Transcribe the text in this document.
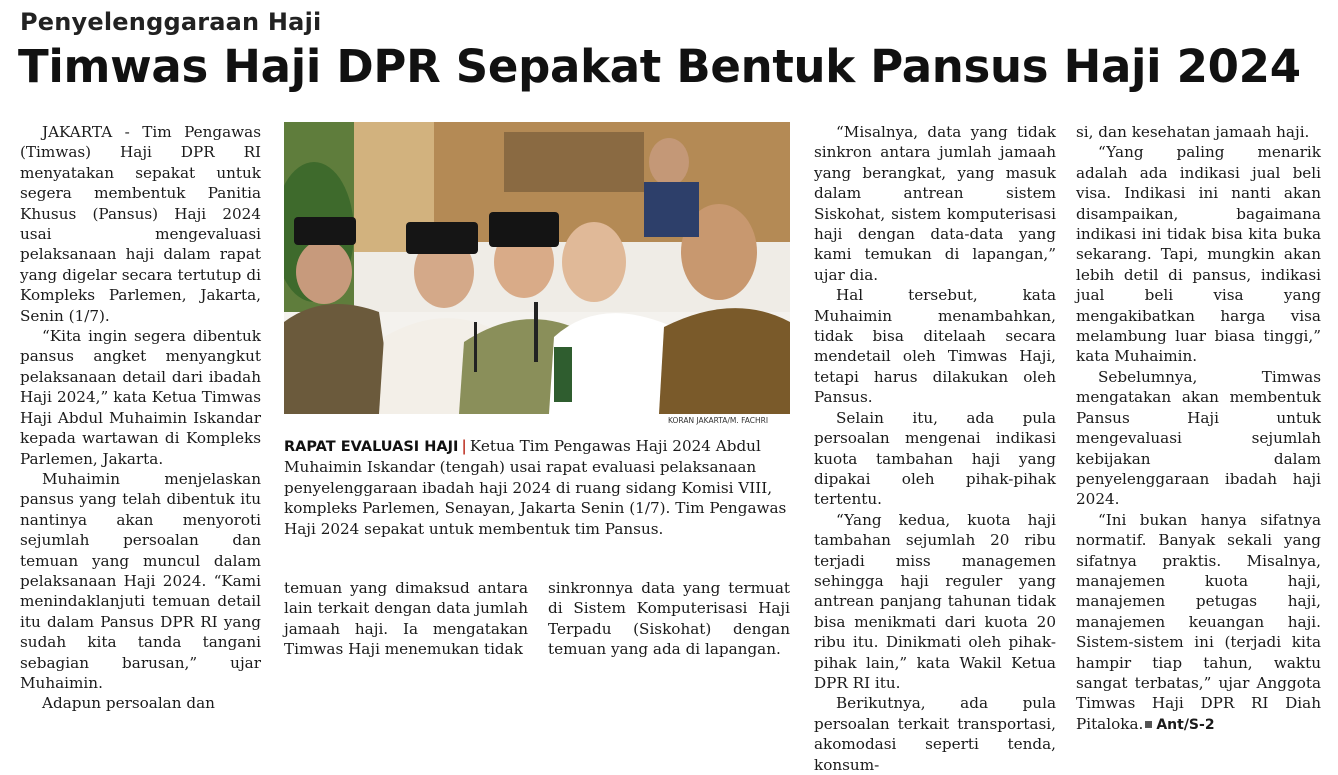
Penyelenggaraan Haji
Timwas Haji DPR Sepakat Bentuk Pansus Haji 2024

JAKARTA - Tim Pengawas (Timwas) Haji DPR RI menyatakan sepakat untuk segera membentuk Panitia Khusus (Pansus) Haji 2024 usai mengevaluasi pelaksanaan haji dalam rapat yang digelar secara tertutup di Kompleks Parlemen, Jakarta, Senin (1/7).

“Kita ingin segera dibentuk pansus angket menyangkut pelaksanaan detail dari ibadah Haji 2024,” kata Ketua Timwas Haji Abdul Muhaimin Iskandar kepada wartawan di Kompleks Parlemen, Jakarta.

Muhaimin menjelaskan pansus yang telah dibentuk itu nantinya akan menyoroti sejumlah persoalan dan temuan yang muncul dalam pelaksanaan Haji 2024. “Kami menindaklanjuti temuan detail itu dalam Pansus DPR RI yang sudah kita tanda tangani sebagian barusan,” ujar Muhaimin.

Adapun persoalan dan

KORAN JAKARTA/M. FACHRI
RAPAT EVALUASI HAJI | Ketua Tim Pengawas Haji 2024 Abdul Muhaimin Iskandar (tengah) usai rapat evaluasi pelaksanaan penyelenggaraan ibadah haji 2024 di ruang sidang Komisi VIII, kompleks Parlemen, Senayan, Jakarta Senin (1/7). Tim Pengawas Haji 2024 sepakat untuk membentuk tim Pansus.

temuan yang dimaksud antara lain terkait dengan data jumlah jamaah haji. Ia mengatakan Timwas Haji menemukan tidak

sinkronnya data yang termuat di Sistem Komputerisasi Haji Terpadu (Siskohat) dengan temuan yang ada di lapangan.

“Misalnya, data yang tidak sinkron antara jumlah jamaah yang berangkat, yang masuk dalam antrean sistem Siskohat, sistem komputerisasi haji dengan data-data yang kami temukan di lapangan,” ujar dia.

Hal tersebut, kata Muhaimin menambahkan, tidak bisa ditelaah secara mendetail oleh Timwas Haji, tetapi harus dilakukan oleh Pansus.

Selain itu, ada pula persoalan mengenai indikasi kuota tambahan haji yang dipakai oleh pihak-pihak tertentu.

“Yang kedua, kuota haji tambahan sejumlah 20 ribu terjadi miss managemen sehingga haji reguler yang antrean panjang tahunan tidak bisa menikmati dari kuota 20 ribu itu. Dinikmati oleh pihak-pihak lain,” kata Wakil Ketua DPR RI itu.

Berikutnya, ada pula persoalan terkait transportasi, akomodasi seperti tenda, konsum-

si, dan kesehatan jamaah haji.

“Yang paling menarik adalah ada indikasi jual beli visa. Indikasi ini nanti akan disampaikan, bagaimana indikasi ini tidak bisa kita buka sekarang. Tapi, mungkin akan lebih detil di pansus, indikasi jual beli visa yang mengakibatkan harga visa melambung luar biasa tinggi,” kata Muhaimin.

Sebelumnya, Timwas mengatakan akan membentuk Pansus Haji untuk mengevaluasi sejumlah kebijakan dalam penyelenggaraan ibadah haji 2024.

“Ini bukan hanya sifatnya normatif. Banyak sekali yang sifatnya praktis. Misalnya, manajemen kuota haji, manajemen petugas haji, manajemen keuangan haji. Sistem-sistem ini (terjadi kita hampir tiap tahun, waktu sangat terbatas,” ujar Anggota Timwas Haji DPR RI Diah Pitaloka. Ant/S-2
